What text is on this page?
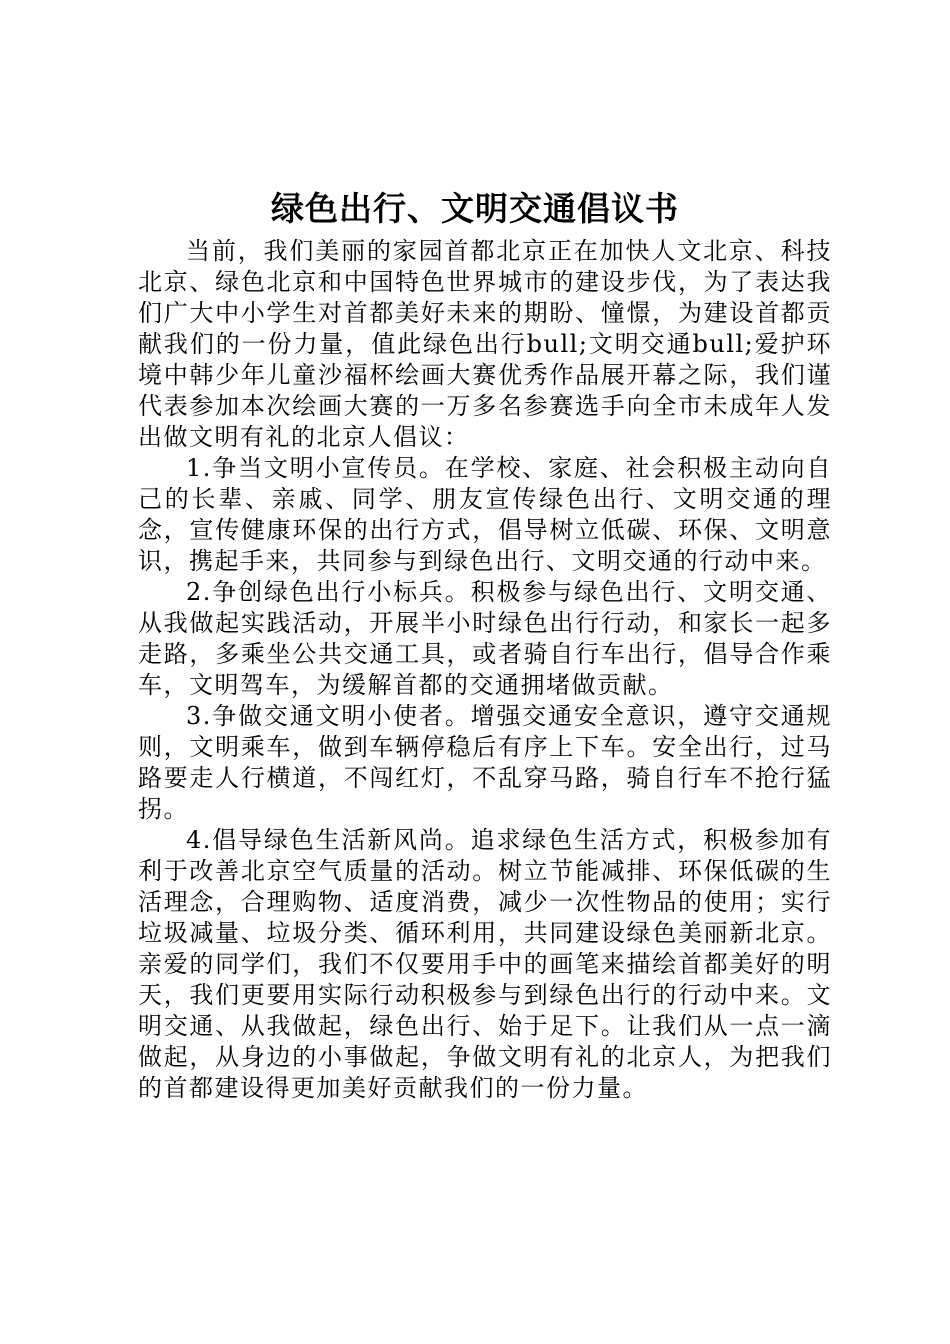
绿色出行、文明交通倡议书

当前，我们美丽的家园首都北京正在加快人文北京、科技北京、绿色北京和中国特色世界城市的建设步伐，为了表达我们广大中小学生对首都美好未来的期盼、憧憬，为建设首都贡献我们的一份力量，值此绿色出行bull;文明交通bull;爱护环境中韩少年儿童沙福杯绘画大赛优秀作品展开幕之际，我们谨代表参加本次绘画大赛的一万多名参赛选手向全市未成年人发出做文明有礼的北京人倡议：

1.争当文明小宣传员。在学校、家庭、社会积极主动向自己的长辈、亲戚、同学、朋友宣传绿色出行、文明交通的理念，宣传健康环保的出行方式，倡导树立低碳、环保、文明意识，携起手来，共同参与到绿色出行、文明交通的行动中来。

2.争创绿色出行小标兵。积极参与绿色出行、文明交通、从我做起实践活动，开展半小时绿色出行行动，和家长一起多走路，多乘坐公共交通工具，或者骑自行车出行，倡导合作乘车，文明驾车，为缓解首都的交通拥堵做贡献。

3.争做交通文明小使者。增强交通安全意识，遵守交通规则，文明乘车，做到车辆停稳后有序上下车。安全出行，过马路要走人行横道，不闯红灯，不乱穿马路，骑自行车不抢行猛拐。

4.倡导绿色生活新风尚。追求绿色生活方式，积极参加有利于改善北京空气质量的活动。树立节能减排、环保低碳的生活理念，合理购物、适度消费，减少一次性物品的使用；实行垃圾减量、垃圾分类、循环利用，共同建设绿色美丽新北京。亲爱的同学们，我们不仅要用手中的画笔来描绘首都美好的明天，我们更要用实际行动积极参与到绿色出行的行动中来。文明交通、从我做起，绿色出行、始于足下。让我们从一点一滴做起，从身边的小事做起，争做文明有礼的北京人，为把我们的首都建设得更加美好贡献我们的一份力量。
